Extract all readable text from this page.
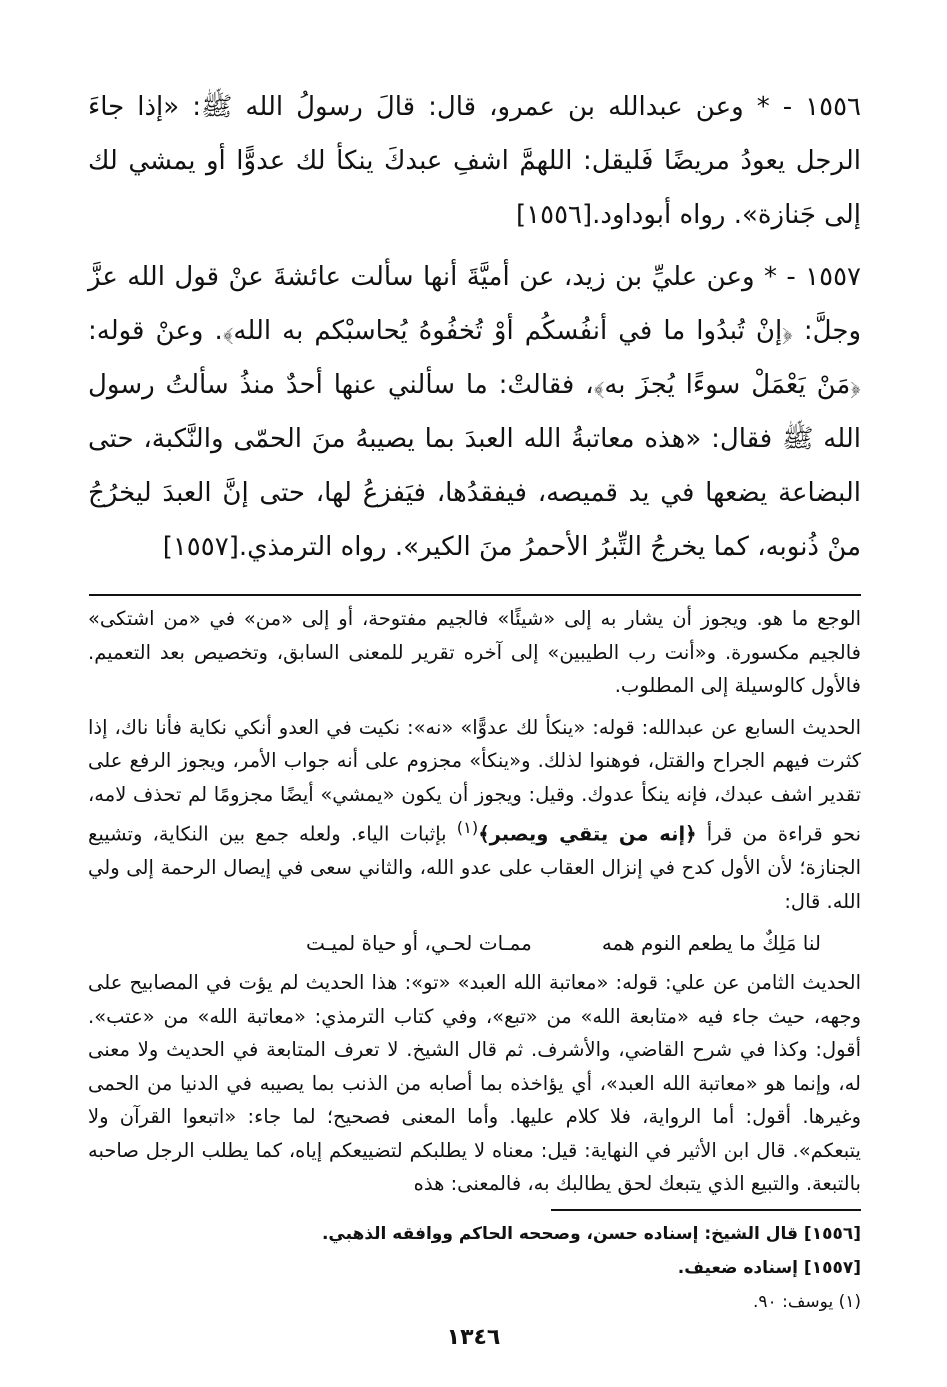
١٥٥٦ - * وعن عبدالله بن عمرو، قال: قالَ رسولُ الله ﷺ: «إذا جاءَ الرجل يعودُ مريضًا فَليقل: اللهمَّ اشفِ عبدكَ ينكأ لك عدوًّا أو يمشي لك إلى جَنازة». رواه أبوداود.[١٥٥٦]

١٥٥٧ - * وعن عليِّ بن زيد، عن أميَّةَ أنها سألت عائشةَ عنْ قول الله عزَّ وجلَّ: ﴿إنْ تُبدُوا ما في أنفُسكُم أوْ تُخفُوهُ يُحاسبْكم به الله﴾. وعنْ قوله: ﴿مَنْ يَعْمَلْ سوءًا يُجزَ به﴾، فقالتْ: ما سألني عنها أحدٌ منذُ سألتُ رسول الله ﷺ فقال: «هذه معاتبةُ الله العبدَ بما يصيبهُ منَ الحمّى والنَّكبة، حتى البضاعة يضعها في يد قميصه، فيفقدُها، فيَفزعُ لها، حتى إنَّ العبدَ ليخرُجُ منْ ذُنوبه، كما يخرجُ التِّبرُ الأحمرُ منَ الكير». رواه الترمذي.[١٥٥٧]

الوجع ما هو. ويجوز أن يشار به إلى «شيئًا» فالجيم مفتوحة، أو إلى «من» في «من اشتكى» فالجيم مكسورة. و«أنت رب الطيبين» إلى آخره تقرير للمعنى السابق، وتخصيص بعد التعميم. فالأول كالوسيلة إلى المطلوب.

الحديث السابع عن عبدالله: قوله: «ينكأ لك عدوًّا» «نه»: نكيت في العدو أنكي نكاية فأنا ناك، إذا كثرت فيهم الجراح والقتل، فوهنوا لذلك. و«ينكأ» مجزوم على أنه جواب الأمر، ويجوز الرفع على تقدير اشف عبدك، فإنه ينكأ عدوك. وقيل: ويجوز أن يكون «يمشي» أيضًا مجزومًا لم تحذف لامه، نحو قراءة من قرأ ﴿إنه من يتقي ويصبر﴾$^{(١)}$ بإثبات الياء. ولعله جمع بين النكاية، وتشييع الجنازة؛ لأن الأول كدح في إنزال العقاب على عدو الله، والثاني سعى في إيصال الرحمة إلى ولي الله. قال:

لنا مَلِكٌ ما يطعم النوم همه
ممـات لحـي، أو حياة لميـت

الحديث الثامن عن علي: قوله: «معاتبة الله العبد» «تو»: هذا الحديث لم يؤت في المصابيح على وجهه، حيث جاء فيه «متابعة الله» من «تبع»، وفي كتاب الترمذي: «معاتبة الله» من «عتب». أقول: وكذا في شرح القاضي، والأشرف. ثم قال الشيخ. لا تعرف المتابعة في الحديث ولا معنى له، وإنما هو «معاتبة الله العبد»، أي يؤاخذه بما أصابه من الذنب بما يصيبه في الدنيا من الحمى وغيرها. أقول: أما الرواية، فلا كلام عليها. وأما المعنى فصحيح؛ لما جاء: «اتبعوا القرآن ولا يتبعكم». قال ابن الأثير في النهاية: قيل: معناه لا يطلبكم لتضييعكم إياه، كما يطلب الرجل صاحبه بالتبعة. والتبيع الذي يتبعك لحق يطالبك به، فالمعنى: هذه

[١٥٥٦] قال الشيخ: إسناده حسن، وصححه الحاكم ووافقه الذهبي.

[١٥٥٧] إسناده ضعيف.

(١) يوسف: ٩٠.

١٣٤٦
